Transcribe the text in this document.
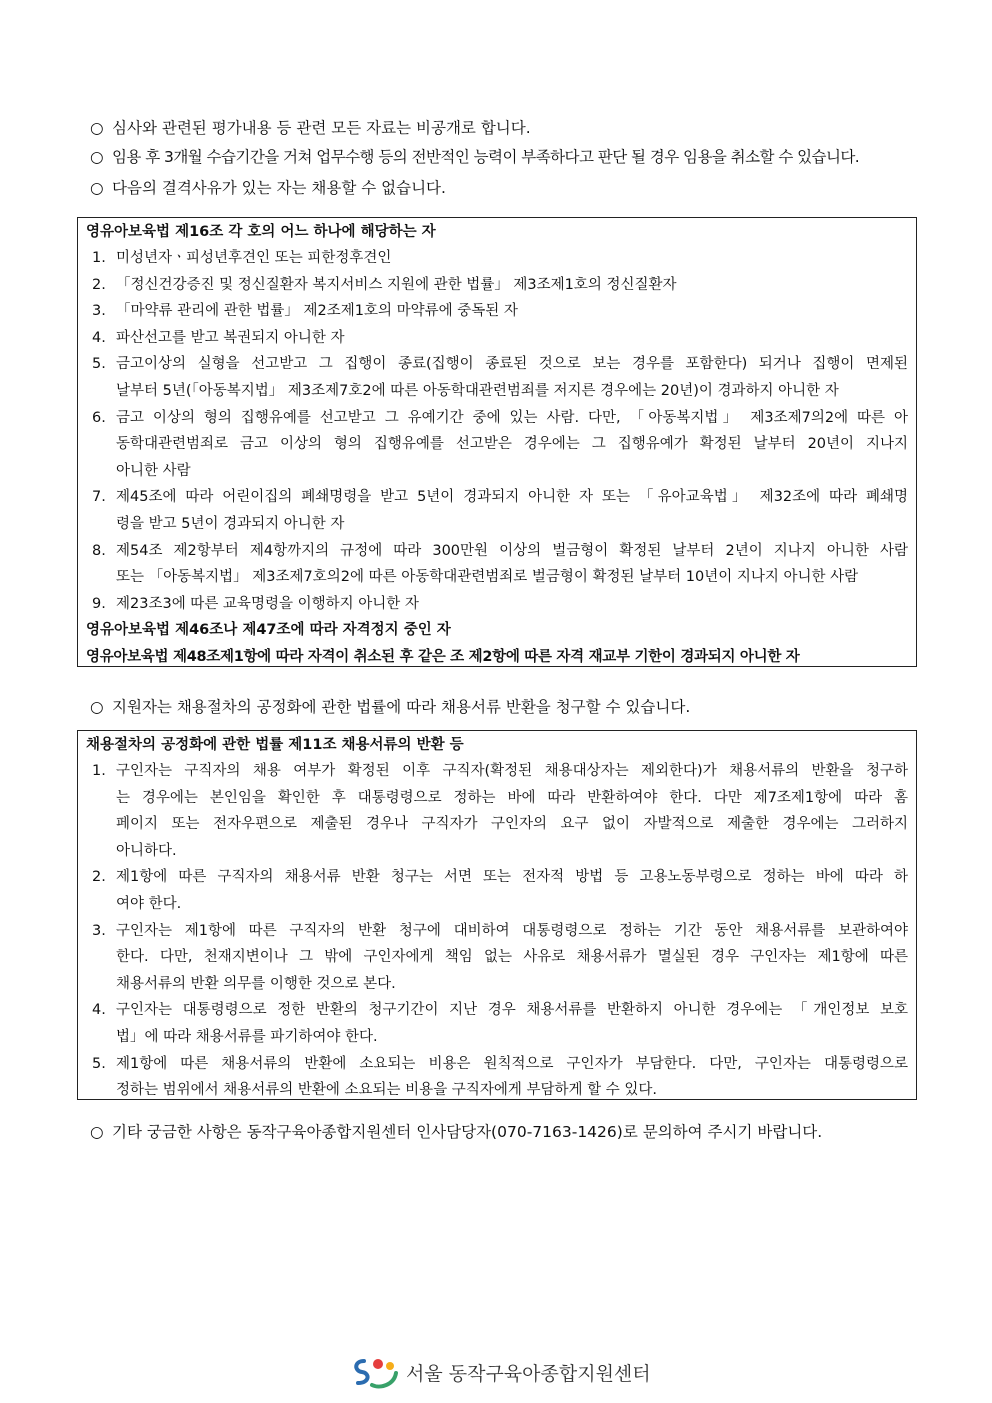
○ 심사와 관련된 평가내용 등 관련 모든 자료는 비공개로 합니다.
○ 임용 후 3개월 수습기간을 거쳐 업무수행 등의 전반적인 능력이 부족하다고 판단 될 경우 임용을 취소할 수 있습니다.
○ 다음의 결격사유가 있는 자는 채용할 수 없습니다.
영유아보육법 제16조 각 호의 어느 하나에 해당하는 자
1. 미성년자ㆍ피성년후견인 또는 피한정후견인
2. 「정신건강증진 및 정신질환자 복지서비스 지원에 관한 법률」 제3조제1호의 정신질환자
3. 「마약류 관리에 관한 법률」 제2조제1호의 마약류에 중독된 자
4. 파산선고를 받고 복권되지 아니한 자
5. 금고이상의 실형을 선고받고 그 집행이 종료(집행이 종료된 것으로 보는 경우를 포함한다) 되거나 집행이 면제된
날부터 5년(「아동복지법」 제3조제7호2에 따른 아동학대관련범죄를 저지른 경우에는 20년)이 경과하지 아니한 자
6. 금고 이상의 형의 집행유예를 선고받고 그 유예기간 중에 있는 사람. 다만, 「아동복지법」 제3조제7의2에 따른 아
동학대관련범죄로 금고 이상의 형의 집행유예를 선고받은 경우에는 그 집행유예가 확정된 날부터 20년이 지나지
아니한 사람
7. 제45조에 따라 어린이집의 폐쇄명령을 받고 5년이 경과되지 아니한 자 또는 「유아교육법」 제32조에 따라 폐쇄명
령을 받고 5년이 경과되지 아니한 자
8. 제54조 제2항부터 제4항까지의 규정에 따라 300만원 이상의 벌금형이 확정된 날부터 2년이 지나지 아니한 사람
또는 「아동복지법」 제3조제7호의2에 따른 아동학대관련범죄로 벌금형이 확정된 날부터 10년이 지나지 아니한 사람
9. 제23조3에 따른 교육명령을 이행하지 아니한 자
영유아보육법 제46조나 제47조에 따라 자격정지 중인 자
영유아보육법 제48조제1항에 따라 자격이 취소된 후 같은 조 제2항에 따른 자격 재교부 기한이 경과되지 아니한 자
○ 지원자는 채용절차의 공정화에 관한 법률에 따라 채용서류 반환을 청구할 수 있습니다.
채용절차의 공정화에 관한 법률 제11조 채용서류의 반환 등
1. 구인자는 구직자의 채용 여부가 확정된 이후 구직자(확정된 채용대상자는 제외한다)가 채용서류의 반환을 청구하
는 경우에는 본인임을 확인한 후 대통령령으로 정하는 바에 따라 반환하여야 한다. 다만 제7조제1항에 따라 홈
페이지 또는 전자우편으로 제출된 경우나 구직자가 구인자의 요구 없이 자발적으로 제출한 경우에는 그러하지
아니하다.
2. 제1항에 따른 구직자의 채용서류 반환 청구는 서면 또는 전자적 방법 등 고용노동부령으로 정하는 바에 따라 하
여야 한다.
3. 구인자는 제1항에 따른 구직자의 반환 청구에 대비하여 대통령령으로 정하는 기간 동안 채용서류를 보관하여야
한다. 다만, 천재지변이나 그 밖에 구인자에게 책임 없는 사유로 채용서류가 멸실된 경우 구인자는 제1항에 따른
채용서류의 반환 의무를 이행한 것으로 본다.
4. 구인자는 대통령령으로 정한 반환의 청구기간이 지난 경우 채용서류를 반환하지 아니한 경우에는 「개인정보 보호
법」에 따라 채용서류를 파기하여야 한다.
5. 제1항에 따른 채용서류의 반환에 소요되는 비용은 원칙적으로 구인자가 부담한다. 다만, 구인자는 대통령령으로
정하는 범위에서 채용서류의 반환에 소요되는 비용을 구직자에게 부담하게 할 수 있다.
○ 기타 궁금한 사항은 동작구육아종합지원센터 인사담당자(070-7163-1426)로 문의하여 주시기 바랍니다.
서울 동작구육아종합지원센터
